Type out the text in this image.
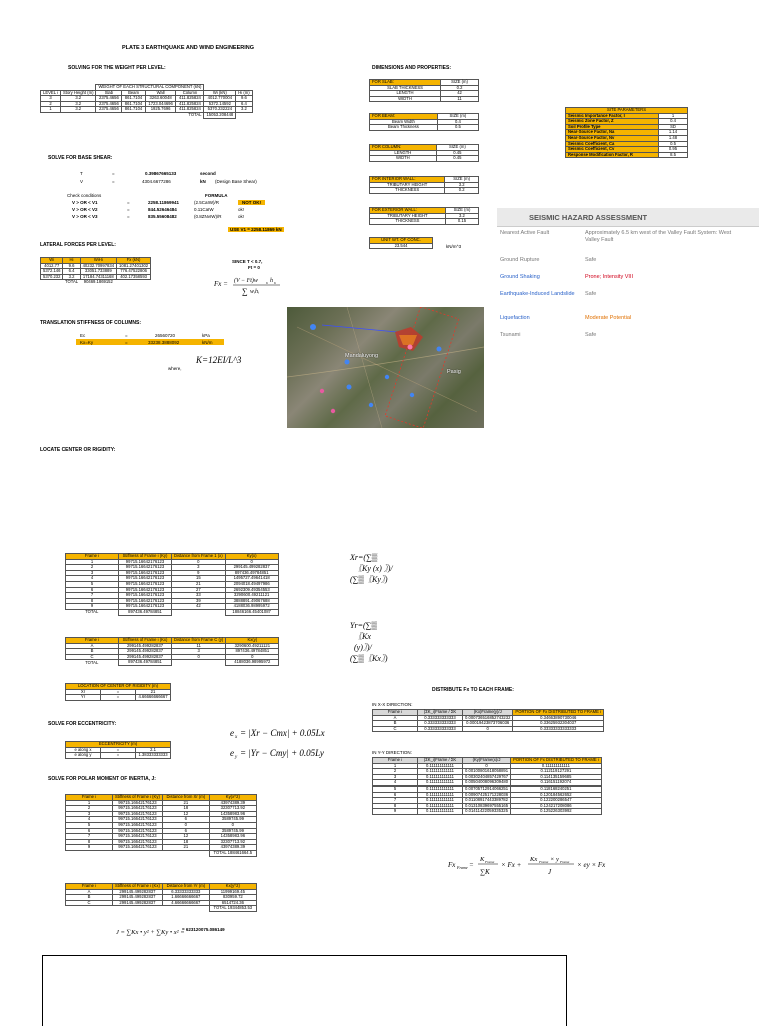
PLATE 3 EARTHQUAKE AND WIND ENGINEERING
SOLVING FOR THE WEIGHT PER LEVEL:
		WEIGHT OF EACH STRUCTURAL COMPONENT (kN)					
LEVEL i	Story Height (m)	Slab	Beam	Wall	Column	Wi (kN)	Hi (m)
3	3.2	2375.4656	861.7104	3263.60048	411.825824	4012.770004	9.6
2	3.2	2375.4656	861.7104	1723.044696	411.825824	5372.14592	6.4
1	3.2	2375.4656	861.7104	1925.7696	411.825824	5370.232224	3.2
					TOTAL	15053.208448	
SOLVE FOR BASE SHEAR:
T	=	0.39867665133	second
V	=	4304.6677286	kN (Design Base Shear)
Check conditions	FORMULA
V > OR < V1	=	2258.11869941	(2.5CaIW)/R	NOT OK!
V > OR < V2	=	844.52646484	0.11CaIW	ok!
V > OR < V3	=	835.55608482	(0.8ZNvIW)/R	ok!
USE V1 = 2258.11869 kN
LATERAL FORCES PER LEVEL:
Wi	Hi	WiHi	Fx (kN)
4012.77	9.6	40232.70997834	1081.27401302
5372.146	6.4	33051.733889	776.47522806
5370.232	3.2	17184.74311168	402.17358593
	TOTAL	90469.1869152	
SINCE T < 0.7,
Ft = 0
Fx = (V − Ft)w x h x
∑ wᵢhᵢ
TRANSLATION STIFFNESS OF COLUMNS:
Ec	=	26560720	kPa
Kx=Ky	=	33238.3888092	kN/m
where,
K=12EI/L^3
LOCATE CENTER OR RIGIDITY:
Frame i	Stiffness of Frame i (Ky)	Distance from Frame 1 (x)	Ky(x)
1	99715.16642176123	0	0
2	99715.16642176123	3	299145.499282837
3	99715.16642176123	9	897436.49784851
4	99715.16642176123	15	1495727.49641418
5	99715.16642176123	21	2094018.49497986
6	99715.16642176123	27	2692309.49354553
7	99715.16642176123	33	3290600.49211121
8	99715.16642176123	39	3888891.49067688
9	99715.16642176123	42	4188036.98995972
TOTAL	897436.49784851		18846166.45401087
Frame i	Stiffness of Frame i (Kx)	Distance from Frame C (y)	Kx(y)
A	299145.499282837	11	3290600.49211121
B	299145.499282837	3	897436.49784851
C	299145.499282837	0	0
TOTAL	897436.49784851		4188036.98995972
LOCATION OF CENTER OF RIGIDITY (m)		
Xr	=	21
Yr	=	4.66666666667
Xr=(∑▒
〖Ky (x) 〗)/
(∑▒〖Ky〗)
Yr=(∑▒
〖Kx
(y)〗)/
(∑▒〖Kx〗)
SOLVE FOR ECCENTRICITY:
ECCENTRICITY (m)		
e along x	=	2.1
e along y	=	1.38333333333
e x = |Xr − Cmx| + 0.05Lx
e y = |Yr − Cmy| + 0.05Ly
SOLVE FOR POLAR MOMENT OF INERTIA, J:
Frame i	Stiffness of Frame i (Ky)	Distance from Xr (m)	Ky(x^2)
1	99715.16642176123	21	43974389.39
2	99715.16642176123	18	32307713.92
3	99715.16642176123	12	14358983.96
4	99715.16642176123	6	3589745.99
5	99715.16642176123	0	0
6	99715.16642176123	6	3589745.99
7	99715.16642176123	12	14358983.96
8	99715.16642176123	18	32307713.92
9	99715.16642176123	21	43974389.39
			TOTAL 188461664.5
Frame i	Stiffness of Frame i (Kx)	Distance from Yr (m)	Kx(y^2)
A	299145.499282837	6.33333333333	11999169.45
B	299145.499282837	1.66666666667	830959.72
C	299145.499282837	4.66666666667	6514724.36
			TOTAL 19344853.53
J = ∑Kx • y² + ∑Ky • x² =
= 623120075.086149
DIMENSIONS AND PROPERTIES:
FOR SLAB:	SIZE (m)
SLAB THICKNESS	0.2
LENGTH	42
WIDTH	11
FOR BEAM:	SIZE (m)
Beam Width	0.4
Beam Thickness	0.5
FOR COLUMN:	SIZE (m)
LENGTH	0.45
WIDTH	0.45
FOR INTERIOR WALL:	SIZE (m)
TRIBUTARY HEIGHT	3.2
THICKNESS	0.2
FOR EXTERIOR WALL:	SIZE (m)
TRIBUTARY HEIGHT	3.2
THICKNESS	0.15
UNIT WT. OF CONC.
23.544	kN/m^3
SITE PARAMETERS	
Seismic Importance Factor, I	1
Seismic Zone Factor, Z	0.4
Soil Profile Type	SD
Near-Source Factor, Na	1.14
Near-Source Factor, Nv	1.48
Seismic Coefficient, Ca	0.5
Seismic Coefficient, Cv	0.95
Response Modification Factor, R	8.5
SEISMIC HAZARD ASSESSMENT
Nearest Active Fault	Approximately 6.5 km west of the Valley Fault System: West Valley Fault
Ground Rupture	Safe
Ground Shaking	Prone; Intensity VIII
Earthquake-Induced Landslide	Safe
Liquefaction	Moderate Potential
Tsunami	Safe
Mandaluyong
Pasig
DISTRIBUTE Fx TO EACH FRAME:
IN X-X DIRECTION:
Frame i	(ΣK_i)Frame / ΣK	(Kx)Frame(y)/J	PORTION OF Fx DISTRIBUTED TO FRAME i
A	0.333333333333	0.000736516852743232	0.34663890730046
B	0.333333333333	0.00019423873706036	0.33625932304037
C	0.333333333333	0	0.33333333333333
IN Y-Y DIRECTION:
Frame i	(ΣK_i)Frame / ΣK	(Ky)Frame(x)/J	PORTION OF Fx DISTRIBUTED TO FRAME i
1	0.111111111111	0	0.111111111111
2	0.111111111111	0.00100801618058891	0.112119127291
3	0.111111111111	0.00302404857429767	0.114135159685
4	0.111111111111	0.00504008096309480	0.116151192074

5	0.111111111111	0.00705712914066251	0.118168240251
6	0.111111111111	0.00907425171228036	0.120184562652
7	0.111111111111	0.01108917443389782	0.122200286547
8	0.111111111111	0.01310839697555165	0.124217208086
9	0.111111111111	0.01411422059335325	0.125226303992
Fx Frame =
K Frame
∑K
× Fx +
Kx Frame × y Frame
J
× ey × Fx
